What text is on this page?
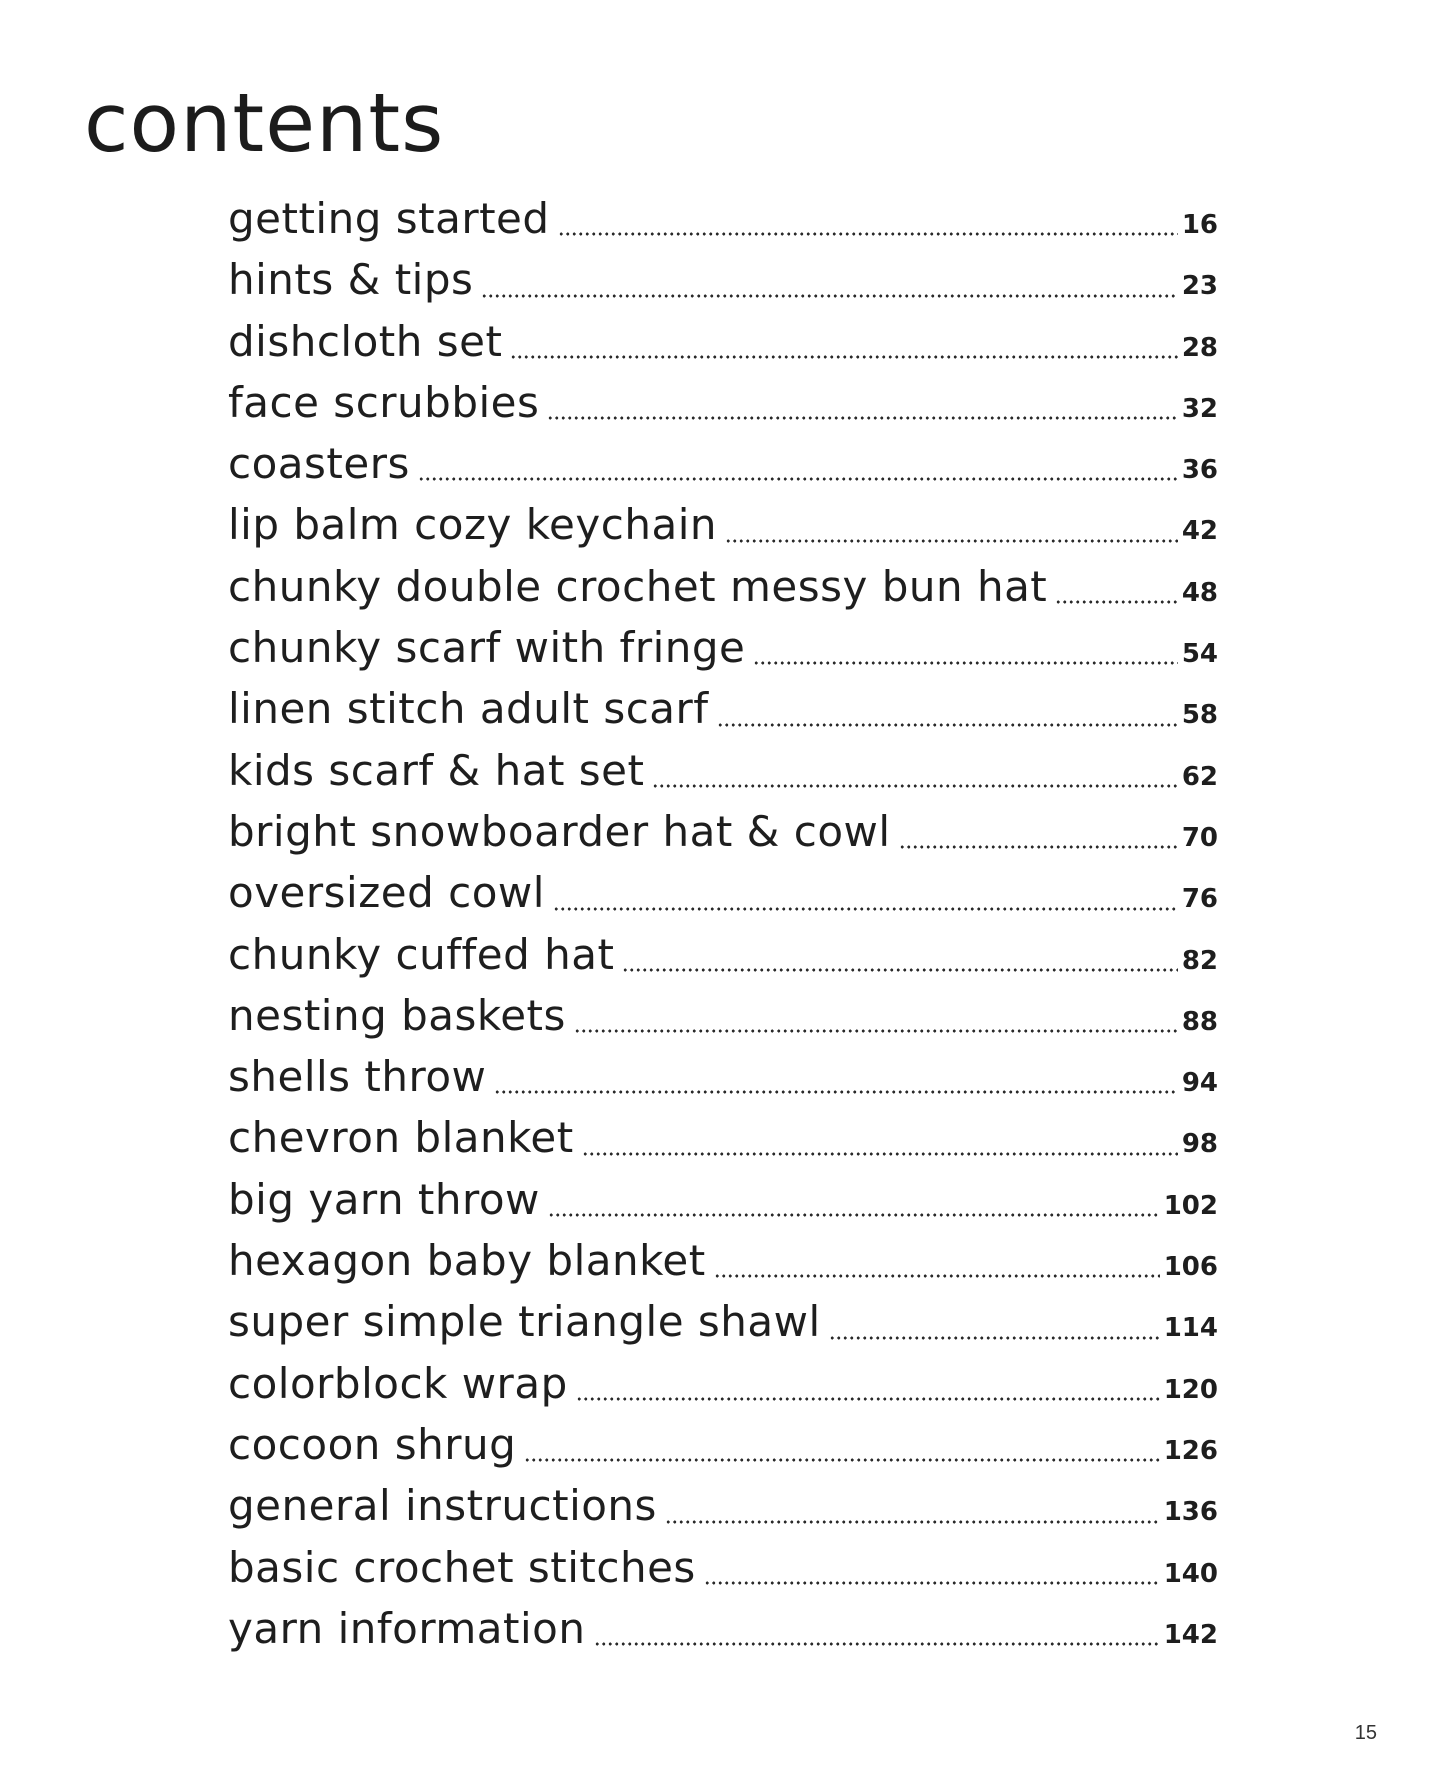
contents
getting started	16
hints & tips	23
dishcloth set	28
face scrubbies	32
coasters	36
lip balm cozy keychain	42
chunky double crochet messy bun hat	48
chunky scarf with fringe	54
linen stitch adult scarf	58
kids scarf & hat set	62
bright snowboarder hat & cowl	70
oversized cowl	76
chunky cuffed hat	82
nesting baskets	88
shells throw	94
chevron blanket	98
big yarn throw	102
hexagon baby blanket	106
super simple triangle shawl	114
colorblock wrap	120
cocoon shrug	126
general instructions	136
basic crochet stitches	140
yarn information	142
15
